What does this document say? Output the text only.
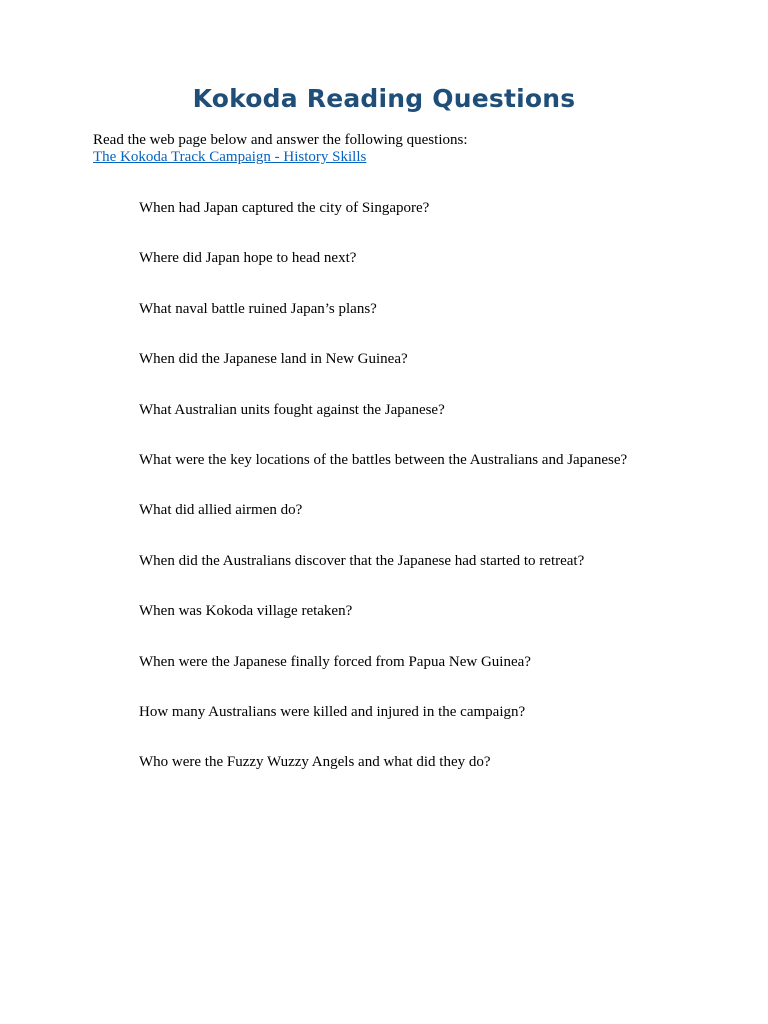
Kokoda Reading Questions
Read the web page below and answer the following questions:
The Kokoda Track Campaign - History Skills
When had Japan captured the city of Singapore?
Where did Japan hope to head next?
What naval battle ruined Japan’s plans?
When did the Japanese land in New Guinea?
What Australian units fought against the Japanese?
What were the key locations of the battles between the Australians and Japanese?
What did allied airmen do?
When did the Australians discover that the Japanese had started to retreat?
When was Kokoda village retaken?
When were the Japanese finally forced from Papua New Guinea?
How many Australians were killed and injured in the campaign?
Who were the Fuzzy Wuzzy Angels and what did they do?
